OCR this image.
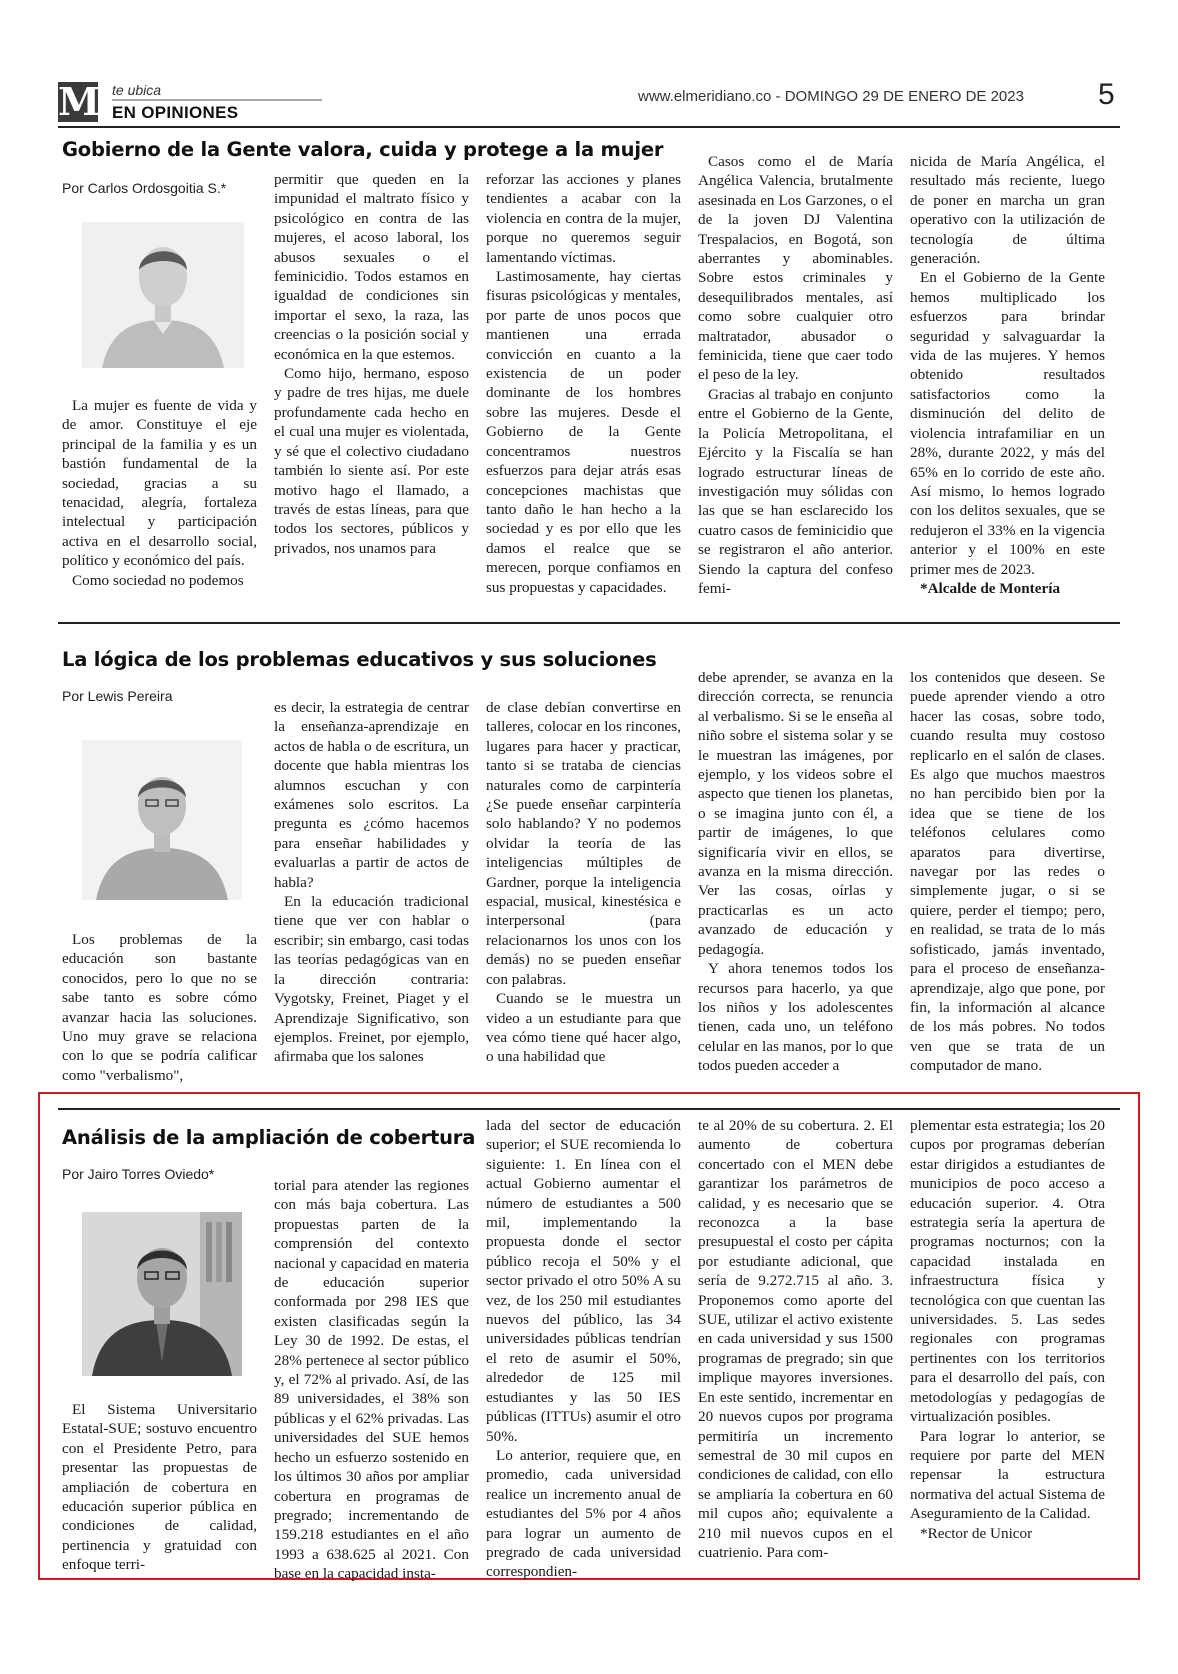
M te ubica
EN OPINIONES
www.elmeridiano.co - DOMINGO 29 DE ENERO DE 2023 5
Gobierno de la Gente valora, cuida y protege a la mujer
Por Carlos Ordosgoitia S.*

La mujer es fuente de vida y de amor. Constituye el eje principal de la familia y es un bastión fundamental de la sociedad, gracias a su tenacidad, alegría, fortaleza intelectual y participación activa en el desarrollo social, político y económico del país.

Como sociedad no podemos

permitir que queden en la impunidad el maltrato físico y psicológico en contra de las mujeres, el acoso laboral, los abusos sexuales o el feminicidio. Todos estamos en igualdad de condiciones sin importar el sexo, la raza, las creencias o la posición social y económica en la que estemos.

Como hijo, hermano, esposo y padre de tres hijas, me duele profundamente cada hecho en el cual una mujer es violentada, y sé que el colectivo ciudadano también lo siente así. Por este motivo hago el llamado, a través de estas líneas, para que todos los sectores, públicos y privados, nos unamos para

reforzar las acciones y planes tendientes a acabar con la violencia en contra de la mujer, porque no queremos seguir lamentando víctimas.

Lastimosamente, hay ciertas fisuras psicológicas y mentales, por parte de unos pocos que mantienen una errada convicción en cuanto a la existencia de un poder dominante de los hombres sobre las mujeres. Desde el Gobierno de la Gente concentramos nuestros esfuerzos para dejar atrás esas concepciones machistas que tanto daño le han hecho a la sociedad y es por ello que les damos el realce que se merecen, porque confiamos en sus propuestas y capacidades.

Casos como el de María Angélica Valencia, brutalmente asesinada en Los Garzones, o el de la joven DJ Valentina Trespalacios, en Bogotá, son aberrantes y abominables. Sobre estos criminales y desequilibrados mentales, así como sobre cualquier otro maltratador, abusador o feminicida, tiene que caer todo el peso de la ley.

Gracias al trabajo en conjunto entre el Gobierno de la Gente, la Policía Metropolitana, el Ejército y la Fiscalía se han logrado estructurar líneas de investigación muy sólidas con las que se han esclarecido los cuatro casos de feminicidio que se registraron el año anterior. Siendo la captura del confeso femi-

nicida de María Angélica, el resultado más reciente, luego de poner en marcha un gran operativo con la utilización de tecnología de última generación.

En el Gobierno de la Gente hemos multiplicado los esfuerzos para brindar seguridad y salvaguardar la vida de las mujeres. Y hemos obtenido resultados satisfactorios como la disminución del delito de violencia intrafamiliar en un 28%, durante 2022, y más del 65% en lo corrido de este año. Así mismo, lo hemos logrado con los delitos sexuales, que se redujeron el 33% en la vigencia anterior y el 100% en este primer mes de 2023.

*Alcalde de Montería

La lógica de los problemas educativos y sus soluciones
Por Lewis Pereira

Los problemas de la educación son bastante conocidos, pero lo que no se sabe tanto es sobre cómo avanzar hacia las soluciones. Uno muy grave se relaciona con lo que se podría calificar como "verbalismo",

es decir, la estrategia de centrar la enseñanza-aprendizaje en actos de habla o de escritura, un docente que habla mientras los alumnos escuchan y con exámenes solo escritos. La pregunta es ¿cómo hacemos para enseñar habilidades y evaluarlas a partir de actos de habla?

En la educación tradicional tiene que ver con hablar o escribir; sin embargo, casi todas las teorías pedagógicas van en la dirección contraria: Vygotsky, Freinet, Piaget y el Aprendizaje Significativo, son ejemplos. Freinet, por ejemplo, afirmaba que los salones

de clase debían convertirse en talleres, colocar en los rincones, lugares para hacer y practicar, tanto si se trataba de ciencias naturales como de carpintería ¿Se puede enseñar carpintería solo hablando? Y no podemos olvidar la teoría de las inteligencias múltiples de Gardner, porque la inteligencia espacial, musical, kinestésica e interpersonal (para relacionarnos los unos con los demás) no se pueden enseñar con palabras.

Cuando se le muestra un video a un estudiante para que vea cómo tiene qué hacer algo, o una habilidad que

debe aprender, se avanza en la dirección correcta, se renuncia al verbalismo. Si se le enseña al niño sobre el sistema solar y se le muestran las imágenes, por ejemplo, y los videos sobre el aspecto que tienen los planetas, o se imagina junto con él, a partir de imágenes, lo que significaría vivir en ellos, se avanza en la misma dirección. Ver las cosas, oírlas y practicarlas es un acto avanzado de educación y pedagogía.

Y ahora tenemos todos los recursos para hacerlo, ya que los niños y los adolescentes tienen, cada uno, un teléfono celular en las manos, por lo que todos pueden acceder a

los contenidos que deseen. Se puede aprender viendo a otro hacer las cosas, sobre todo, cuando resulta muy costoso replicarlo en el salón de clases. Es algo que muchos maestros no han percibido bien por la idea que se tiene de los teléfonos celulares como aparatos para divertirse, navegar por las redes o simplemente jugar, o si se quiere, perder el tiempo; pero, en realidad, se trata de lo más sofisticado, jamás inventado, para el proceso de enseñanza-aprendizaje, algo que pone, por fin, la información al alcance de los más pobres. No todos ven que se trata de un computador de mano.

Análisis de la ampliación de cobertura
Por Jairo Torres Oviedo*

El Sistema Universitario Estatal-SUE; sostuvo encuentro con el Presidente Petro, para presentar las propuestas de ampliación de cobertura en educación superior pública en condiciones de calidad, pertinencia y gratuidad con enfoque terri-

torial para atender las regiones con más baja cobertura. Las propuestas parten de la comprensión del contexto nacional y capacidad en materia de educación superior conformada por 298 IES que existen clasificadas según la Ley 30 de 1992. De estas, el 28% pertenece al sector público y, el 72% al privado. Así, de las 89 universidades, el 38% son públicas y el 62% privadas. Las universidades del SUE hemos hecho un esfuerzo sostenido en los últimos 30 años por ampliar cobertura en programas de pregrado; incrementando de 159.218 estudiantes en el año 1993 a 638.625 al 2021. Con base en la capacidad insta-

lada del sector de educación superior; el SUE recomienda lo siguiente: 1. En línea con el actual Gobierno aumentar el número de estudiantes a 500 mil, implementando la propuesta donde el sector público recoja el 50% y el sector privado el otro 50% A su vez, de los 250 mil estudiantes nuevos del público, las 34 universidades públicas tendrían el reto de asumir el 50%, alrededor de 125 mil estudiantes y las 50 IES públicas (ITTUs) asumir el otro 50%.

Lo anterior, requiere que, en promedio, cada universidad realice un incremento anual de estudiantes del 5% por 4 años para lograr un aumento de pregrado de cada universidad correspondien-

te al 20% de su cobertura. 2. El aumento de cobertura concertado con el MEN debe garantizar los parámetros de calidad, y es necesario que se reconozca a la base presupuestal el costo per cápita por estudiante adicional, que sería de 9.272.715 al año. 3. Proponemos como aporte del SUE, utilizar el activo existente en cada universidad y sus 1500 programas de pregrado; sin que implique mayores inversiones. En este sentido, incrementar en 20 nuevos cupos por programa permitiría un incremento semestral de 30 mil cupos en condiciones de calidad, con ello se ampliaría la cobertura en 60 mil cupos año; equivalente a 210 mil nuevos cupos en el cuatrienio. Para com-

plementar esta estrategia; los 20 cupos por programas deberían estar dirigidos a estudiantes de municipios de poco acceso a educación superior. 4. Otra estrategia sería la apertura de programas nocturnos; con la capacidad instalada en infraestructura física y tecnológica con que cuentan las universidades. 5. Las sedes regionales con programas pertinentes con los territorios para el desarrollo del país, con metodologías y pedagogías de virtualización posibles.

Para lograr lo anterior, se requiere por parte del MEN repensar la estructura normativa del actual Sistema de Aseguramiento de la Calidad.

*Rector de Unicor
